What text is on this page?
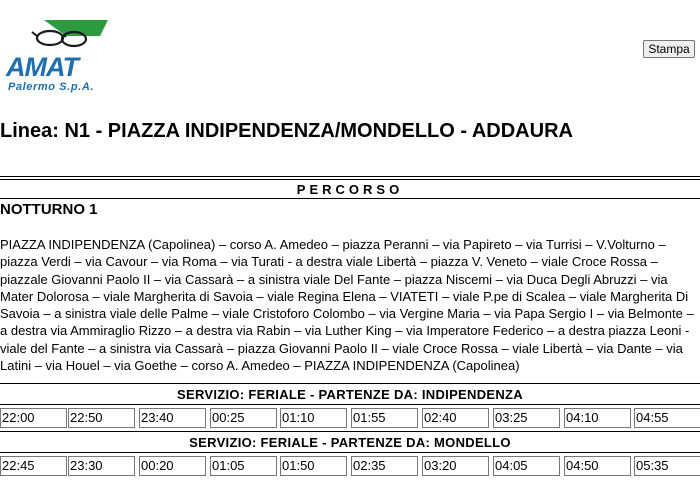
AMAT
Palermo S.p.A.
Stampa
Linea: N1 - PIAZZA INDIPENDENZA/MONDELLO - ADDAURA
PERCORSO
NOTTURNO 1

PIAZZA INDIPENDENZA (Capolinea) – corso A. Amedeo – piazza Peranni – via Papireto – via Turrisi – V.Volturno – piazza Verdi – via Cavour – via Roma – via Turati - a destra viale Libertà – piazza V. Veneto – viale Croce Rossa – piazzale Giovanni Paolo II – via Cassarà – a sinistra viale Del Fante – piazza Niscemi – via Duca Degli Abruzzi – via Mater Dolorosa – viale Margherita di Savoia – viale Regina Elena – VIATETI – viale P.pe di Scalea – viale Margherita Di Savoia – a sinistra viale delle Palme – viale Cristoforo Colombo – via Vergine Maria – via Papa Sergio I – via Belmonte – a destra via Ammiraglio Rizzo – a destra via Rabin – via Luther King – via Imperatore Federico – a destra piazza Leoni - viale del Fante – a sinistra via Cassarà – piazza Giovanni Paolo II – viale Croce Rossa – viale Libertà – via Dante – via Latini – via Houel – via Goethe – corso A. Amedeo – PIAZZA INDIPENDENZA (Capolinea)

SERVIZIO: FERIALE - PARTENZE DA: INDIPENDENZA
22:00	22:50	23:40	00:25	01:10	01:55	02:40	03:25	04:10	04:55
SERVIZIO: FERIALE - PARTENZE DA: MONDELLO
22:45	23:30	00:20	01:05	01:50	02:35	03:20	04:05	04:50	05:35
